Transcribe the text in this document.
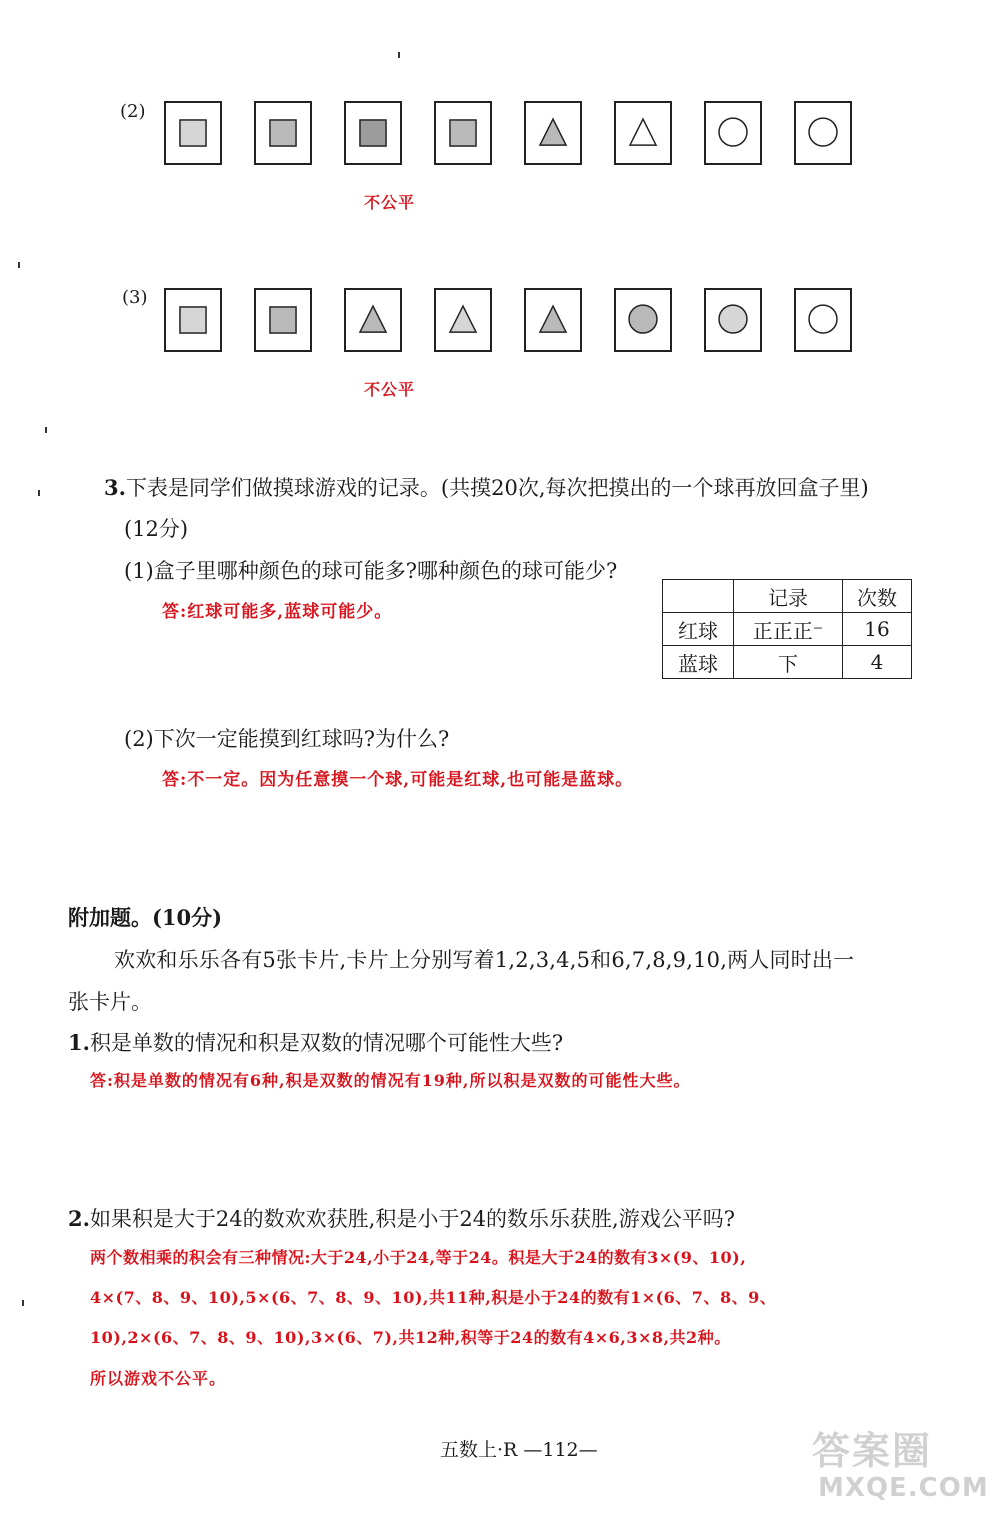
(2)
不公平
(3)
不公平
3.下表是同学们做摸球游戏的记录。(共摸20次,每次把摸出的一个球再放回盒子里)
(12分)
(1)盒子里哪种颜色的球可能多?哪种颜色的球可能少?
答:红球可能多,蓝球可能少。
	记录	次数
红球	正正正⁻	16
蓝球	下	4
(2)下次一定能摸到红球吗?为什么?
答:不一定。因为任意摸一个球,可能是红球,也可能是蓝球。
附加题。(10分)
欢欢和乐乐各有5张卡片,卡片上分别写着1,2,3,4,5和6,7,8,9,10,两人同时出一
张卡片。
1.积是单数的情况和积是双数的情况哪个可能性大些?
答:积是单数的情况有6种,积是双数的情况有19种,所以积是双数的可能性大些。
2.如果积是大于24的数欢欢获胜,积是小于24的数乐乐获胜,游戏公平吗?
两个数相乘的积会有三种情况:大于24,小于24,等于24。积是大于24的数有3×(9、10),
4×(7、8、9、10),5×(6、7、8、9、10),共11种,积是小于24的数有1×(6、7、8、9、
10),2×(6、7、8、9、10),3×(6、7),共12种,积等于24的数有4×6,3×8,共2种。
所以游戏不公平。
五数上·R —112—	答案圈
MXQE.COM
